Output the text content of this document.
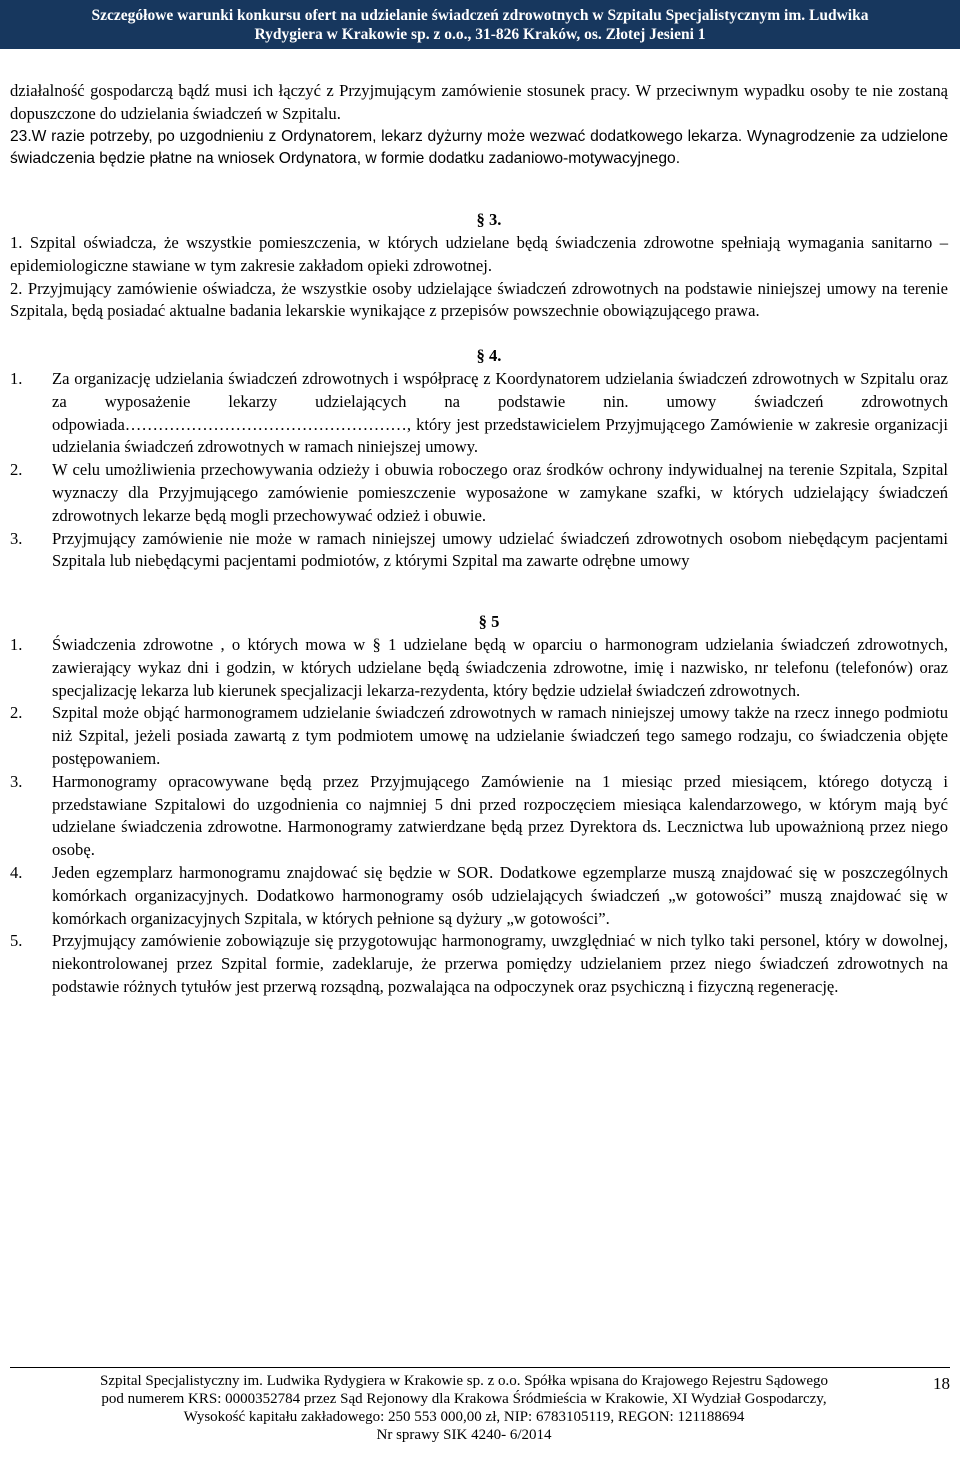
Szczegółowe warunki konkursu ofert na udzielanie świadczeń zdrowotnych w Szpitalu Specjalistycznym im. Ludwika
Rydygiera w Krakowie sp. z o.o., 31-826 Kraków, os. Złotej Jesieni 1

działalność gospodarczą bądź musi ich łączyć z Przyjmującym zamówienie stosunek pracy. W przeciwnym wypadku osoby te nie zostaną dopuszczone do udzielania świadczeń w Szpitalu.

23.W razie potrzeby, po uzgodnieniu z Ordynatorem, lekarz dyżurny może wezwać dodatkowego lekarza. Wynagrodzenie za udzielone świadczenia będzie płatne na wniosek Ordynatora, w formie dodatku zadaniowo-motywacyjnego.

§ 3.

1. Szpital oświadcza, że wszystkie pomieszczenia, w których udzielane będą świadczenia zdrowotne spełniają wymagania sanitarno – epidemiologiczne stawiane w tym zakresie zakładom opieki zdrowotnej.

2. Przyjmujący zamówienie oświadcza, że wszystkie osoby udzielające świadczeń zdrowotnych na podstawie niniejszej umowy na terenie Szpitala, będą posiadać aktualne badania lekarskie wynikające z przepisów powszechnie obowiązującego prawa.

§ 4.

1.	Za organizację udzielania świadczeń zdrowotnych i współpracę z Koordynatorem udzielania świadczeń zdrowotnych w Szpitalu oraz za wyposażenie lekarzy udzielających na podstawie nin. umowy świadczeń zdrowotnych odpowiada……………………………………………, który jest przedstawicielem Przyjmującego Zamówienie w zakresie organizacji udzielania świadczeń zdrowotnych w ramach niniejszej umowy.
2.	W celu umożliwienia przechowywania odzieży i obuwia roboczego oraz środków ochrony indywidualnej na terenie Szpitala, Szpital wyznaczy dla Przyjmującego zamówienie pomieszczenie wyposażone w zamykane szafki, w których udzielający świadczeń zdrowotnych lekarze będą mogli przechowywać odzież i obuwie.
3.	Przyjmujący zamówienie nie może w ramach niniejszej umowy udzielać świadczeń zdrowotnych osobom niebędącym pacjentami Szpitala lub niebędącymi pacjentami podmiotów, z którymi Szpital ma zawarte odrębne umowy

§ 5

1.	Świadczenia zdrowotne , o których mowa w § 1 udzielane będą w oparciu o harmonogram udzielania świadczeń zdrowotnych, zawierający wykaz dni i godzin, w których udzielane będą świadczenia zdrowotne, imię i nazwisko, nr telefonu (telefonów) oraz specjalizację lekarza lub kierunek specjalizacji lekarza-rezydenta, który będzie udzielał świadczeń zdrowotnych.
2.	Szpital może objąć harmonogramem udzielanie świadczeń zdrowotnych w ramach niniejszej umowy także na rzecz innego podmiotu niż Szpital, jeżeli posiada zawartą z tym podmiotem umowę na udzielanie świadczeń tego samego rodzaju, co świadczenia objęte postępowaniem.
3.	Harmonogramy opracowywane będą przez Przyjmującego Zamówienie na 1 miesiąc przed miesiącem, którego dotyczą i przedstawiane Szpitalowi do uzgodnienia co najmniej 5 dni przed rozpoczęciem miesiąca kalendarzowego, w którym mają być udzielane świadczenia zdrowotne. Harmonogramy zatwierdzane będą przez Dyrektora ds. Lecznictwa lub upoważnioną przez niego osobę.
4.	Jeden egzemplarz harmonogramu znajdować się będzie w SOR. Dodatkowe egzemplarze muszą znajdować się w poszczególnych komórkach organizacyjnych. Dodatkowo harmonogramy osób udzielających świadczeń „w gotowości” muszą znajdować się w komórkach organizacyjnych Szpitala, w których pełnione są dyżury „w gotowości”.
5.	Przyjmujący zamówienie zobowiązuje się przygotowując harmonogramy, uwzględniać w nich tylko taki personel, który w dowolnej, niekontrolowanej przez Szpital formie, zadeklaruje, że przerwa pomiędzy udzielaniem przez niego świadczeń zdrowotnych na podstawie różnych tytułów jest przerwą rozsądną, pozwalająca na odpoczynek oraz psychiczną i fizyczną regenerację.
Szpital Specjalistyczny im. Ludwika Rydygiera w Krakowie sp. z o.o. Spółka wpisana do Krajowego Rejestru Sądowego
pod numerem KRS: 0000352784 przez Sąd Rejonowy dla Krakowa Śródmieścia w Krakowie, XI Wydział Gospodarczy,
Wysokość kapitału zakładowego: 250 553 000,00 zł, NIP: 6783105119, REGON: 121188694
Nr sprawy SIK 4240- 6/2014
18
